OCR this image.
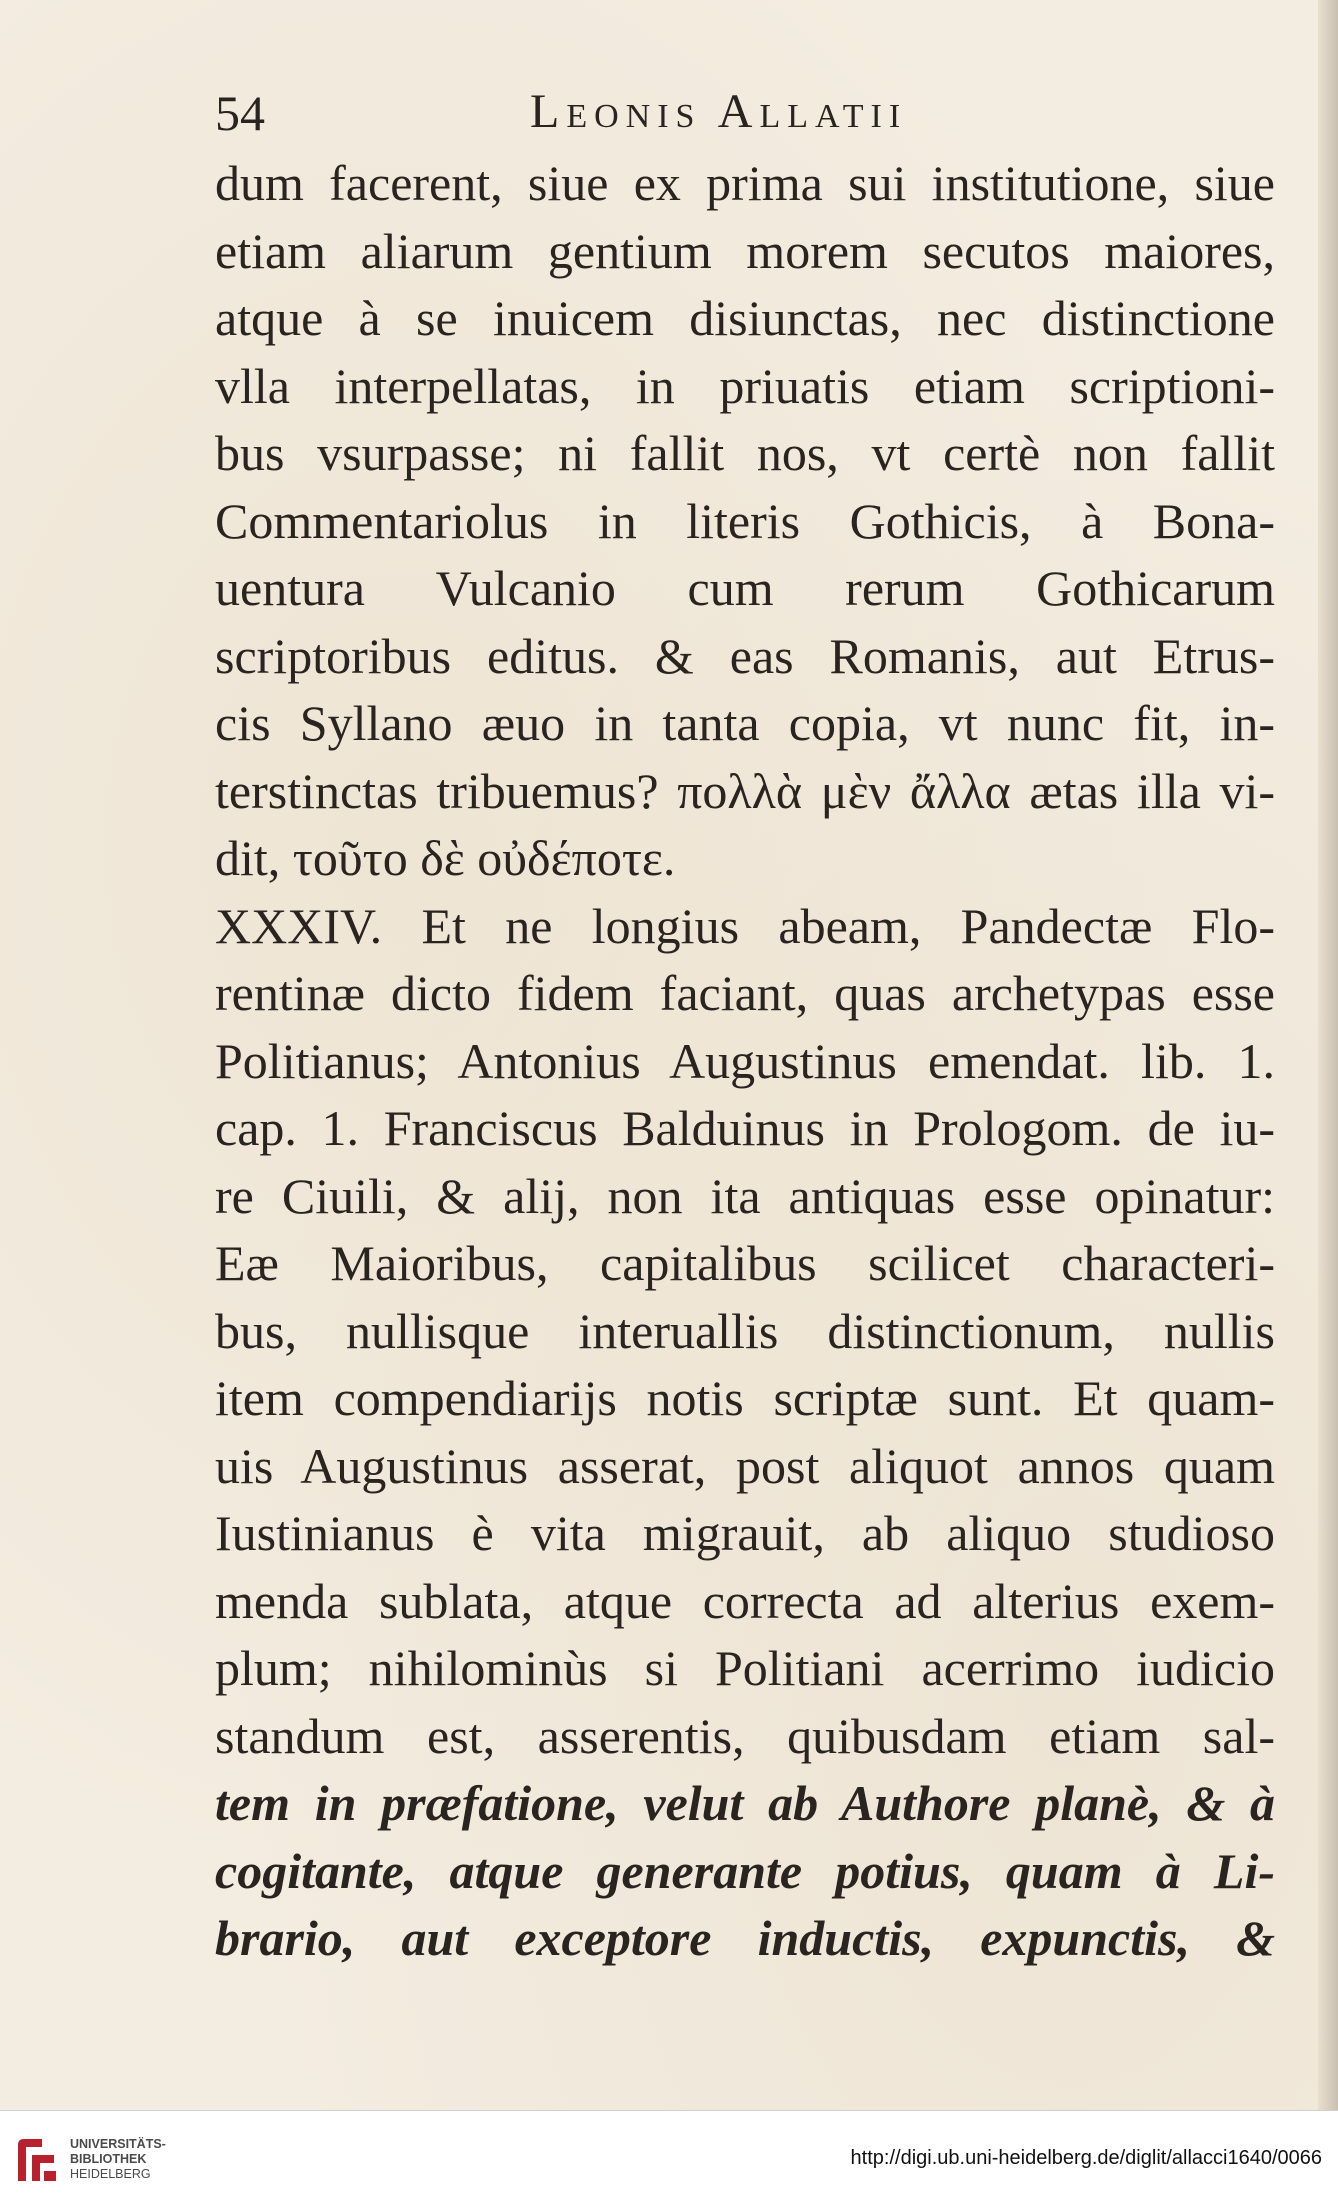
54	Leonis Allatii
dum facerent, siue ex prima sui institutione, siue
etiam aliarum gentium morem secutos maiores,
atque à se inuicem disiunctas, nec distinctione
vlla interpellatas, in priuatis etiam scriptioni-
bus vsurpasse; ni fallit nos, vt certè non fallit
Commentariolus in literis Gothicis, à Bona-
uentura Vulcanio cum rerum Gothicarum
scriptoribus editus. & eas Romanis, aut Etrus-
cis Syllano æuo in tanta copia, vt nunc fit, in-
terstinctas tribuemus? πολλὰ μὲν ἄλλα ætas illa vi-
dit, τοῦτο δὲ οὐδέποτε.
XXXIV. Et ne longius abeam, Pandectæ Flo-
rentinæ dicto fidem faciant, quas archetypas esse
Politianus; Antonius Augustinus emendat. lib. 1.
cap. 1. Franciscus Balduinus in Prologom. de iu-
re Ciuili, & alij, non ita antiquas esse opinatur:
Eæ Maioribus, capitalibus scilicet characteri-
bus, nullisque interuallis distinctionum, nullis
item compendiarijs notis scriptæ sunt. Et quam-
uis Augustinus asserat, post aliquot annos quam
Iustinianus è vita migrauit, ab aliquo studioso
menda sublata, atque correcta ad alterius exem-
plum; nihilominùs si Politiani acerrimo iudicio
standum est, asserentis, quibusdam etiam sal-
tem in præfatione, velut ab Authore planè, & à
cogitante, atque generante potius, quam à Li-
brario, aut exceptore inductis, expunctis, &
UNIVERSITÄTS-
BIBLIOTHEK
HEIDELBERG
http://digi.ub.uni-heidelberg.de/diglit/allacci1640/0066
